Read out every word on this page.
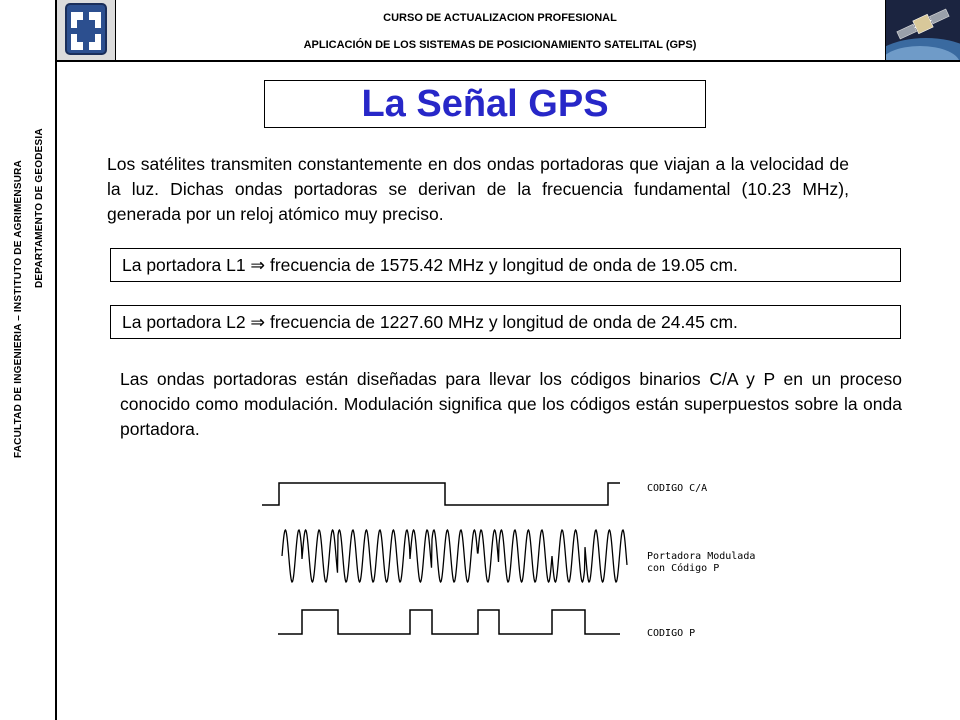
FACULTAD DE INGENIERIA – INSTITUTO DE AGRIMENSURA DEPARTAMENTO DE GEODESIA
CURSO DE ACTUALIZACION PROFESIONAL
APLICACIÓN DE LOS SISTEMAS DE POSICIONAMIENTO SATELITAL (GPS)
La Señal GPS
Los satélites transmiten constantemente en dos ondas portadoras que viajan a la velocidad de la luz. Dichas ondas portadoras se derivan de la frecuencia fundamental (10.23 MHz), generada por un reloj atómico muy preciso.
La portadora L1 ⇒ frecuencia de 1575.42 MHz y longitud de onda de 19.05 cm.
La portadora L2 ⇒ frecuencia de 1227.60 MHz y longitud de onda de 24.45 cm.
Las ondas portadoras están diseñadas para llevar los códigos binarios C/A y P en un proceso conocido como modulación. Modulación significa que los códigos están superpuestos sobre la onda portadora.
CODIGO C/A
Portadora Modulada
con Código P
CODIGO P
